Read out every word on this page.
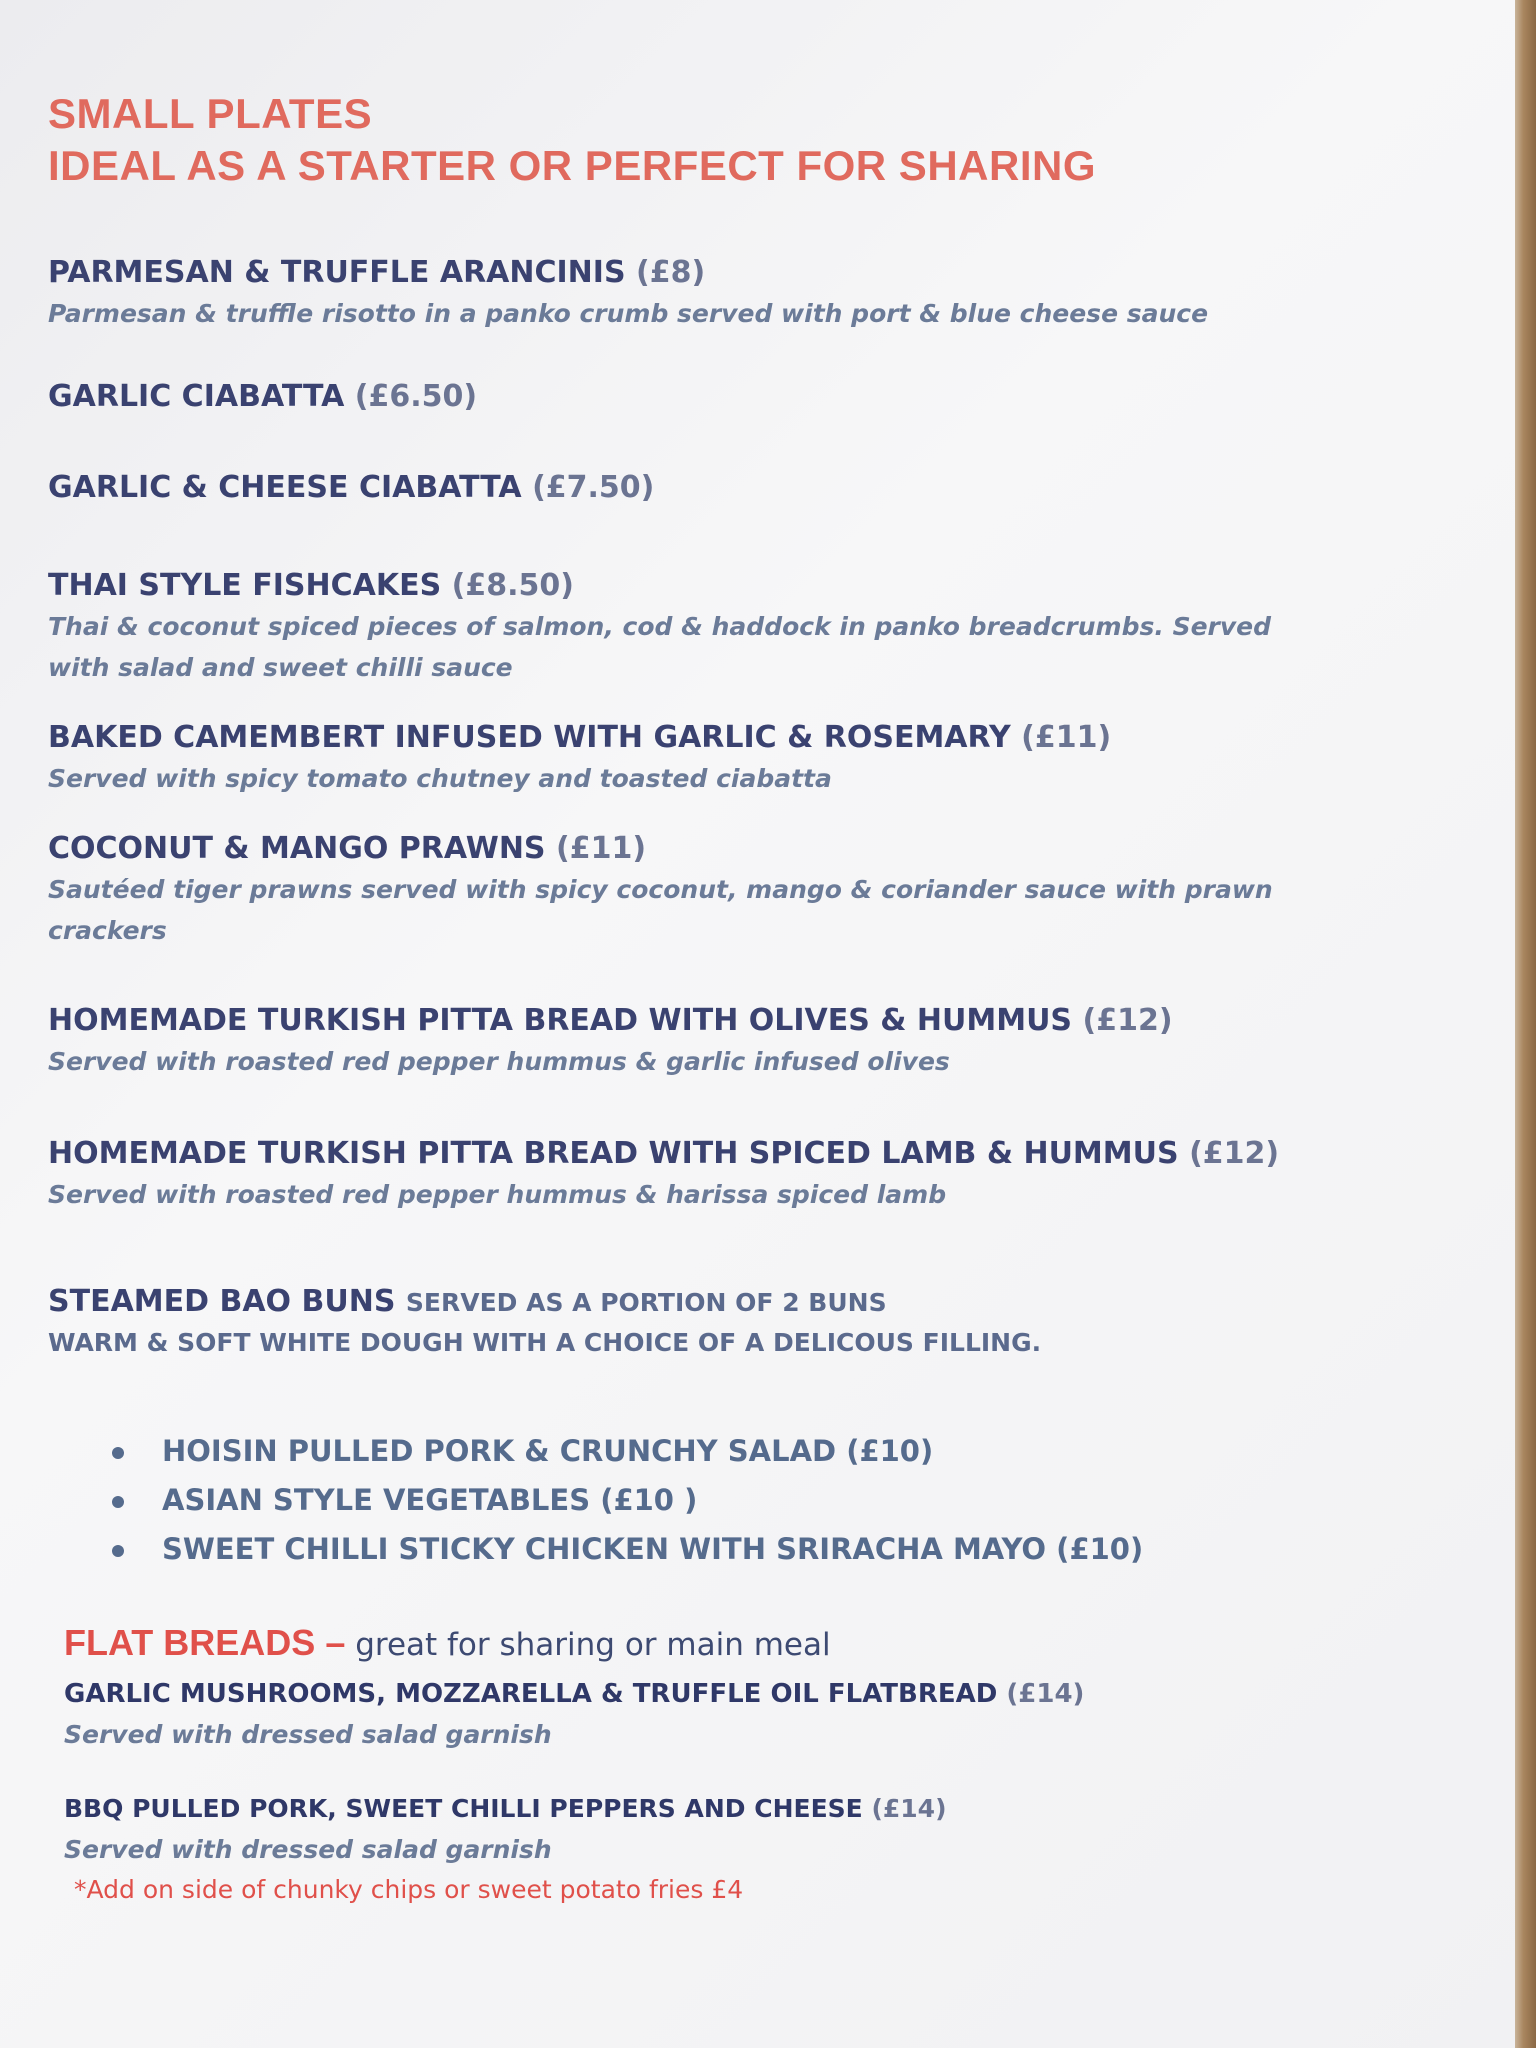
SMALL PLATES

IDEAL AS A STARTER OR PERFECT FOR SHARING

PARMESAN & TRUFFLE ARANCINIS (£8)

Parmesan & truffle risotto in a panko crumb served with port & blue cheese sauce

GARLIC CIABATTA (£6.50)

GARLIC & CHEESE CIABATTA (£7.50)

THAI STYLE FISHCAKES (£8.50)

Thai & coconut spiced pieces of salmon, cod & haddock in panko breadcrumbs. Served

with salad and sweet chilli sauce

BAKED CAMEMBERT INFUSED WITH GARLIC & ROSEMARY (£11)

Served with spicy tomato chutney and toasted ciabatta

COCONUT & MANGO PRAWNS (£11)

Sautéed tiger prawns served with spicy coconut, mango & coriander sauce with prawn

crackers

HOMEMADE TURKISH PITTA BREAD WITH OLIVES & HUMMUS (£12)

Served with roasted red pepper hummus & garlic infused olives

HOMEMADE TURKISH PITTA BREAD WITH SPICED LAMB & HUMMUS (£12)

Served with roasted red pepper hummus & harissa spiced lamb

STEAMED BAO BUNS SERVED AS A PORTION OF 2 BUNS

WARM & SOFT WHITE DOUGH WITH A CHOICE OF A DELICOUS FILLING.

HOISIN PULLED PORK & CRUNCHY SALAD (£10)
ASIAN STYLE VEGETABLES (£10 )
SWEET CHILLI STICKY CHICKEN WITH SRIRACHA MAYO (£10)

FLAT BREADS – great for sharing or main meal

GARLIC MUSHROOMS, MOZZARELLA & TRUFFLE OIL FLATBREAD (£14)

Served with dressed salad garnish

BBQ PULLED PORK, SWEET CHILLI PEPPERS AND CHEESE (£14)

Served with dressed salad garnish

*Add on side of chunky chips or sweet potato fries £4
